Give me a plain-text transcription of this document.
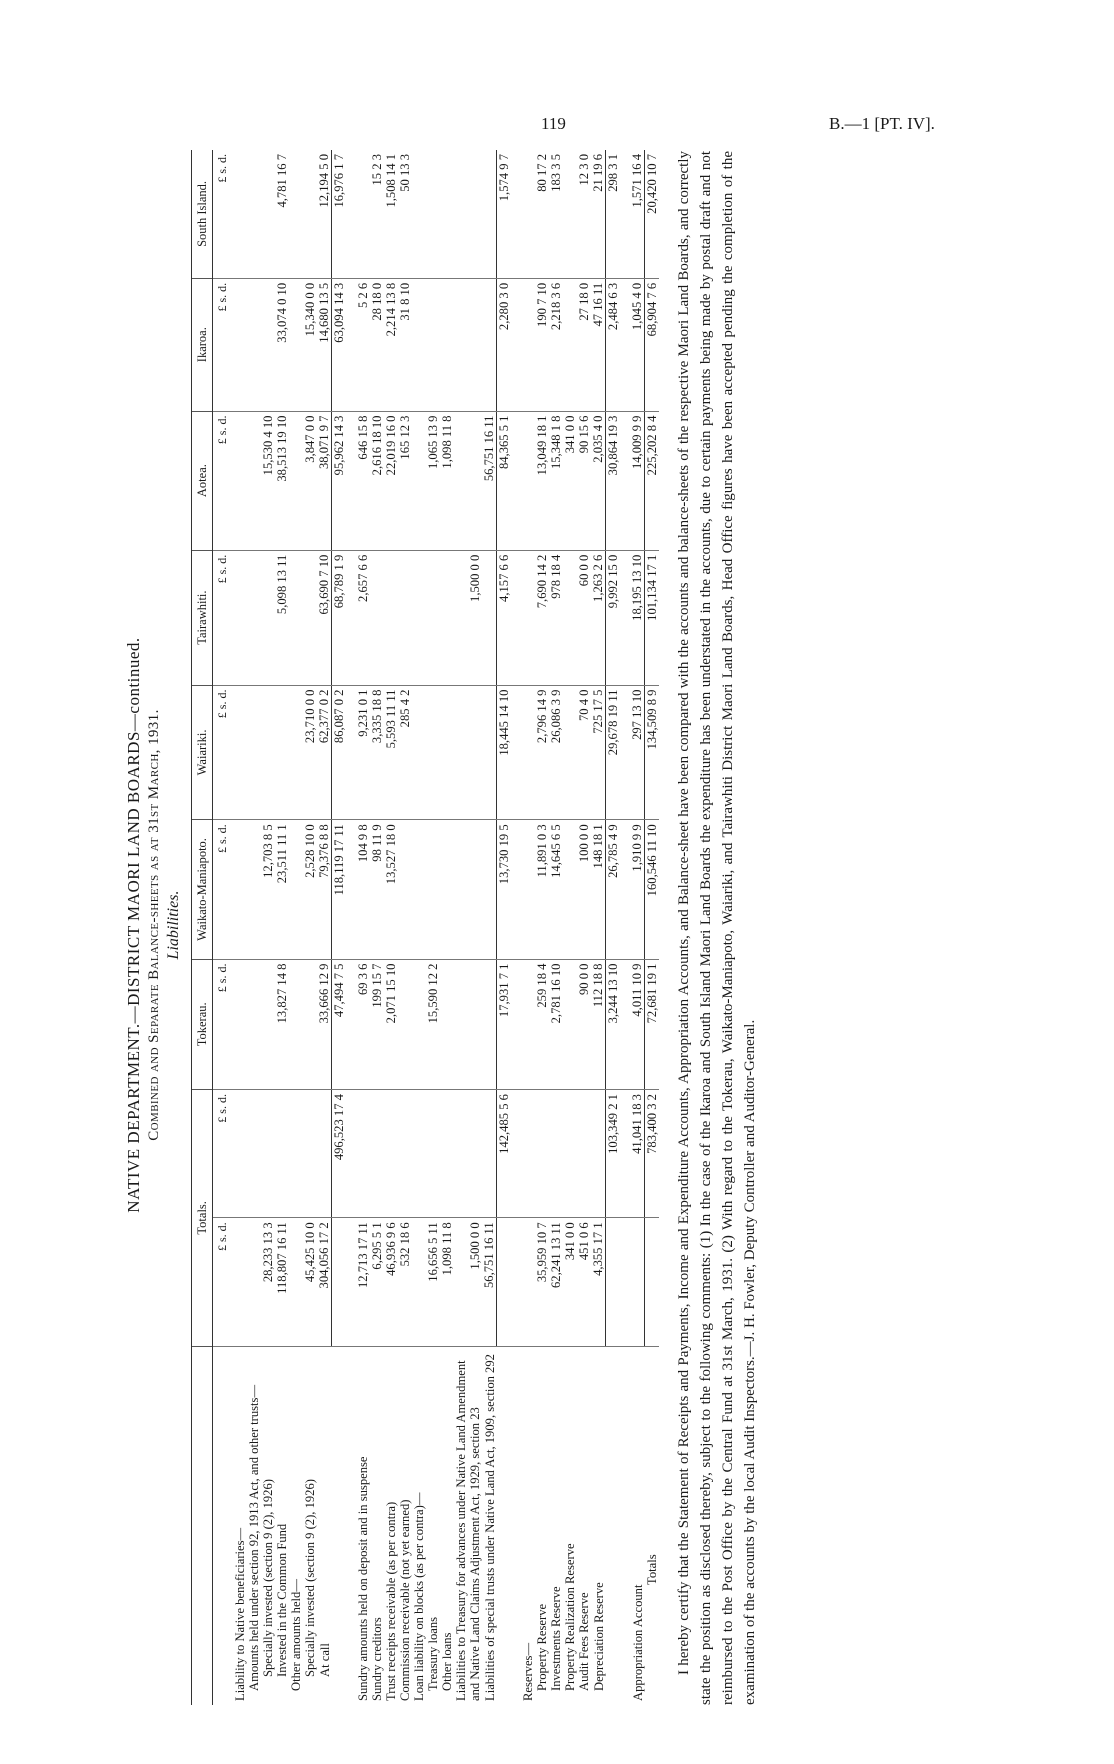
119	B.—1 [PT. IV].
NATIVE DEPARTMENT.—DISTRICT MAORI LAND BOARDS—continued. Combined and Separate Balance-sheets as at 31st March, 1931. Liabilities.
	Totals.		Tokerau.	Waikato-Maniapoto.	Waiariki.	Tairawhiti.	Aotea.	Ikaroa.	South Island.
	£ s. d.	£ s. d.	£ s. d.	£ s. d.	£ s. d.	£ s. d.	£ s. d.	£ s. d.	£ s. d.
Liability to Native beneficiaries—									
Amounts held under section 92, 1913 Act, and other trusts—									
Specially invested (section 9 (2), 1926)	28,233 13 3			12,703 8 5			15,530 4 10		
Invested in the Common Fund	118,807 16 11		13,827 14 8	23,511 11 1		5,098 13 11	38,513 19 10	33,074 0 10	4,781 16 7
Other amounts held—									
Specially invested (section 9 (2), 1926)	45,425 10 0			2,528 10 0	23,710 0 0		3,847 0 0	15,340 0 0	
At call	304,056 17 2		33,666 12 9	79,376 8 8	62,377 0 2	63,690 7 10	38,071 9 7	14,680 13 5	12,194 5 0
		496,523 17 4	47,494 7 5	118,119 17 11	86,087 0 2	68,789 1 9	95,962 14 3	63,094 14 3	16,976 1 7

Sundry amounts held on deposit and in suspense	12,713 17 11		69 3 6	104 9 8	9,231 0 1	2,657 6 6	646 15 8	5 2 6	
Sundry creditors	6,295 5 1		199 15 7	98 11 9	3,335 18 8		2,616 18 10	28 18 0	15 2 3
Trust receipts receivable (as per contra)	46,936 9 6		2,071 15 10	13,527 18 0	5,593 11 11		22,019 16 0	2,214 13 8	1,508 14 1
Commission receivable (not yet earned)	532 18 6				285 4 2		165 12 3	31 8 10	50 13 3
Loan liability on blocks (as per contra)—									
Treasury loans	16,656 5 11		15,590 12 2				1,065 13 9		
Other loans	1,098 11 8						1,098 11 8		
Liabilities to Treasury for advances under Native Land Amendment and Native Land Claims Adjustment Act, 1929, section 23	1,500 0 0					1,500 0 0			
Liabilities of special trusts under Native Land Act, 1909, section 292	56,751 16 11						56,751 16 11		
		142,485 5 6	17,931 7 1	13,730 19 5	18,445 14 10	4,157 6 6	84,365 5 1	2,280 3 0	1,574 9 7

Reserves—									
Property Reserve	35,959 10 7		259 18 4	11,891 0 3	2,796 14 9	7,690 14 2	13,049 18 1	190 7 10	80 17 2
Investments Reserve	62,241 13 11		2,781 16 10	14,645 6 5	26,086 3 9	978 18 4	15,348 1 8	2,218 3 6	183 3 5
Property Realization Reserve	341 0 0						341 0 0		
Audit Fees Reserve	451 0 6		90 0 0	100 0 0	70 4 0	60 0 0	90 15 6	27 18 0	12 3 0
Depreciation Reserve	4,355 17 1		112 18 8	148 18 1	725 17 5	1,263 2 6	2,035 4 0	47 16 11	21 19 6
		103,349 2 1	3,244 13 10	26,785 4 9	29,678 19 11	9,992 15 0	30,864 19 3	2,484 6 3	298 3 1

Appropriation Account		41,041 18 3	4,011 10 9	1,910 9 9	297 13 10	18,195 13 10	14,009 9 9	1,045 4 0	1,571 16 4
Totals		783,400 3 2	72,681 19 1	160,546 11 10	134,509 8 9	101,134 17 1	225,202 8 4	68,904 7 6	20,420 10 7 I hereby certify that the Statement of Receipts and Payments, Income and Expenditure Accounts, Appropriation Accounts, and Balance-sheet have been compared with the accounts and balance-sheets of the respective Maori Land Boards, and correctly state the position as disclosed thereby, subject to the following comments: (1) In the case of the Ikaroa and South Island Maori Land Boards the expenditure has been understated in the accounts, due to certain payments being made by postal draft and not reimbursed to the Post Office by the Central Fund at 31st March, 1931. (2) With regard to the Tokerau, Waikato-Maniapoto, Waiariki, and Tairawhiti District Maori Land Boards, Head Office figures have been accepted pending the completion of the examination of the accounts by the local Audit Inspectors.—J. H. Fowler, Deputy Controller and Auditor-General.
